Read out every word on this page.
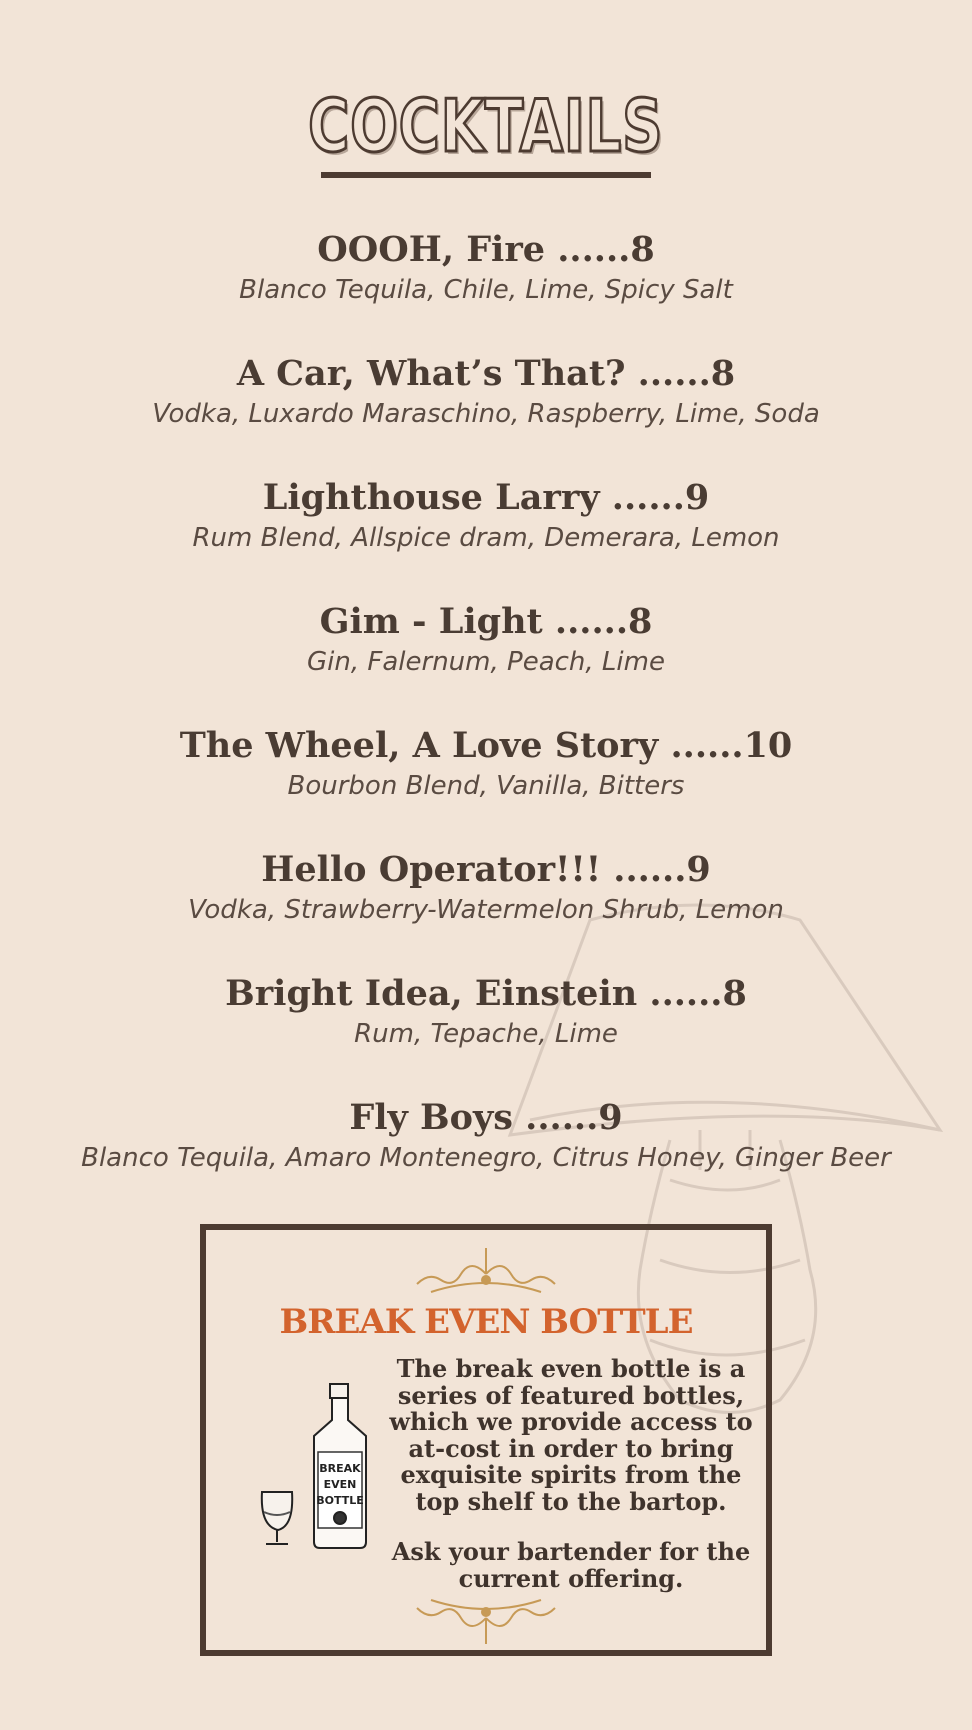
COCKTAILS
OOOH, Fire ......8
Blanco Tequila, Chile, Lime, Spicy Salt
A Car, What’s That? ......8
Vodka, Luxardo Maraschino, Raspberry, Lime, Soda
Lighthouse Larry ......9
Rum Blend, Allspice dram, Demerara, Lemon
Gim - Light ......8
Gin, Falernum, Peach, Lime
The Wheel, A Love Story ......10
Bourbon Blend, Vanilla, Bitters
Hello Operator!!! ......9
Vodka, Strawberry-Watermelon Shrub, Lemon
Bright Idea, Einstein ......8
Rum, Tepache, Lime
Fly Boys ......9
Blanco Tequila, Amaro Montenegro, Citrus Honey, Ginger Beer
BREAK EVEN BOTTLE
BREAK
EVEN
BOTTLE

The break even bottle is a series of featured bottles, which we provide access to at-cost in order to bring exquisite spirits from the top shelf to the bartop.

Ask your bartender for the current offering.
